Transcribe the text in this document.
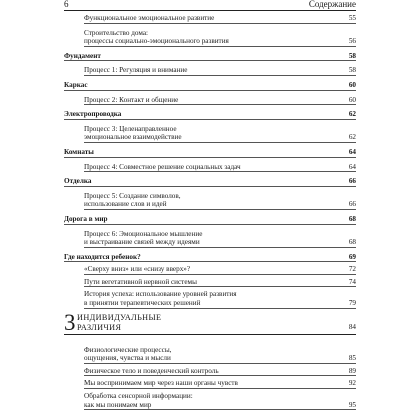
6	Содержание
Функциональное эмоциональное развитие	55
Строительство дома:
процессы социально-эмоционального развития	56
Фундамент	58
Процесс 1: Регуляция и внимание	58
Каркас	60
Процесс 2: Контакт и общение	60
Электропроводка	62
Процесс 3: Целенаправленное
эмоциональное взаимодействие	62
Комнаты	64
Процесс 4: Совместное решение социальных задач	64
Отделка	66
Процесс 5: Создание символов,
использование слов и идей	66
Дорога в мир	68
Процесс 6: Эмоциональное мышление
и выстраивание связей между идеями	68
Где находится ребенок?	69
«Сверху вниз» или «снизу вверх»?	72
Пути вегетативной нервной системы	74
История успеха: использование уровней развития
в принятии терапевтических решений	79
3 ИНДИВИДУАЛЬНЫЕ
РАЗЛИЧИЯ	84
Физиологические процессы,
ощущения, чувства и мысли	85
Физическое тело и поведенческий контроль	89
Мы воспринимаем мир через наши органы чувств	92
Обработка сенсорной информации:
как мы понимаем мир	95
